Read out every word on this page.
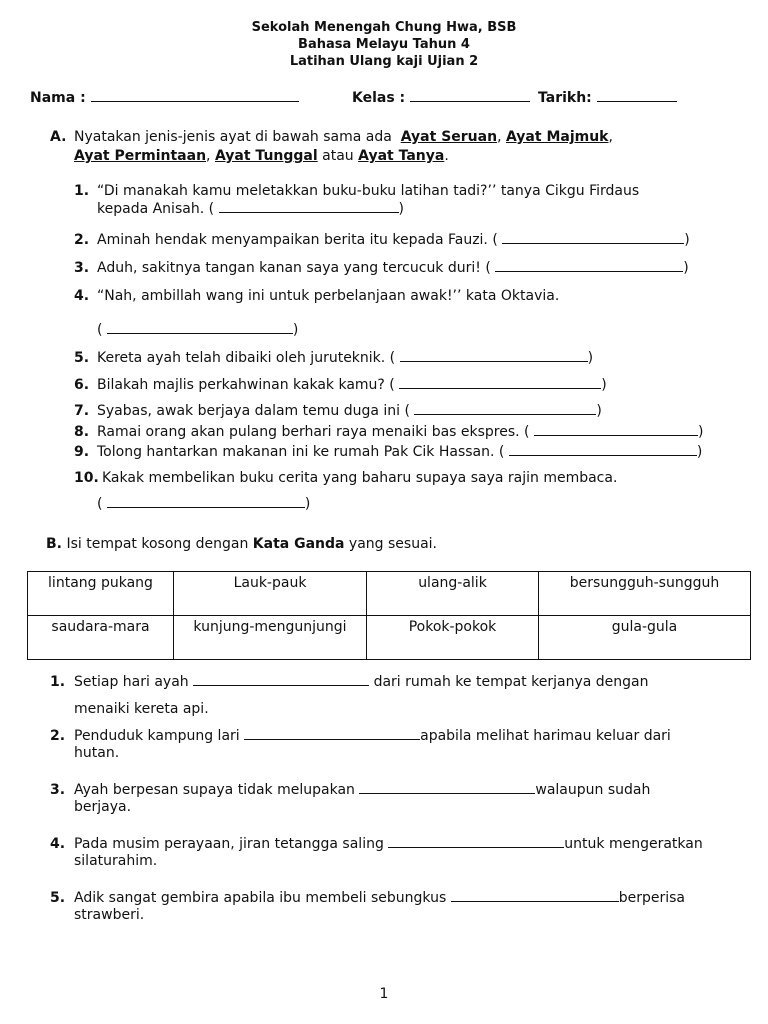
Sekolah Menengah Chung Hwa, BSB
Bahasa Melayu Tahun 4
Latihan Ulang kaji Ujian 2
Nama :	Kelas :	Tarikh:
A. Nyatakan jenis-jenis ayat di bawah sama ada Ayat Seruan, Ayat Majmuk,
Ayat Permintaan, Ayat Tunggal atau Ayat Tanya.
1. “Di manakah kamu meletakkan buku-buku latihan tadi?’’ tanya Cikgu Firdaus
kepada Anisah. (	)
2. Aminah hendak menyampaikan berita itu kepada Fauzi. (	)
3. Aduh, sakitnya tangan kanan saya yang tercucuk duri! (	)
4. “Nah, ambillah wang ini untuk perbelanjaan awak!’’ kata Oktavia.
(	)
5. Kereta ayah telah dibaiki oleh juruteknik. (	)
6. Bilakah majlis perkahwinan kakak kamu? (	)
7. Syabas, awak berjaya dalam temu duga ini (	)
8. Ramai orang akan pulang berhari raya menaiki bas ekspres. (	)
9. Tolong hantarkan makanan ini ke rumah Pak Cik Hassan. (	)
10. Kakak membelikan buku cerita yang baharu supaya saya rajin membaca.
(	)
B. Isi tempat kosong dengan Kata Ganda yang sesuai.
lintang pukang	Lauk-pauk	ulang-alik	bersungguh-sungguh
saudara-mara	kunjung-mengunjungi	Pokok-pokok	gula-gula
1. Setiap hari ayah	dari rumah ke tempat kerjanya dengan
menaiki kereta api.
2. Penduduk kampung lari	apabila melihat harimau keluar dari
hutan.
3. Ayah berpesan supaya tidak melupakan	walaupun sudah
berjaya.
4. Pada musim perayaan, jiran tetangga saling	untuk mengeratkan
silaturahim.
5. Adik sangat gembira apabila ibu membeli sebungkus	berperisa
strawberi.
1
